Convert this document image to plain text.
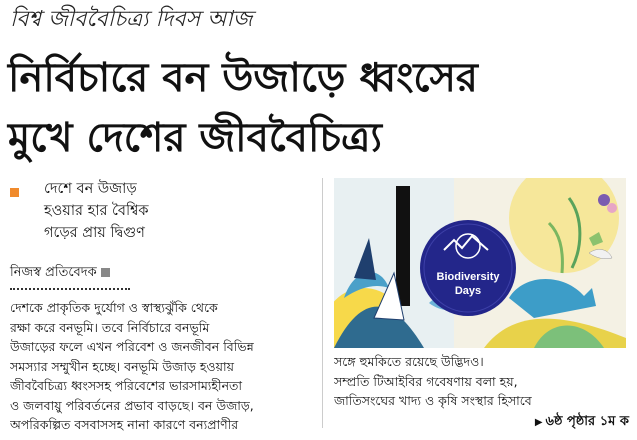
বিশ্ব জীববৈচিত্র্য দিবস আজ
নির্বিচারে বন উজাড়ে ধ্বংসের
মুখে দেশের জীববৈচিত্র্য
দেশে বন উজাড়
হওয়ার হার বৈশ্বিক
গড়ের প্রায় দ্বিগুণ
নিজস্ব প্রতিবেদক
দেশকে প্রাকৃতিক দুর্যোগ ও স্বাস্থ্যঝুঁকি থেকে
রক্ষা করে বনভূমি। তবে নির্বিচারে বনভূমি
উজাড়ের ফলে এখন পরিবেশ ও জনজীবন বিভিন্ন
সমস্যার সম্মুখীন হচ্ছে। বনভূমি উজাড় হওয়ায়
জীববৈচিত্র্য ধ্বংসসহ পরিবেশের ভারসাম্যহীনতা
ও জলবায়ু পরিবর্তনের প্রভাব বাড়ছে। বন উজাড়,
অপরিকল্পিত বসবাসসহ নানা কারণে বন্যপ্রাণীর
Biodiversity
Days
সঙ্গে হুমকিতে রয়েছে উদ্ভিদও।
সম্প্রতি টিআইবির গবেষণায় বলা হয়,
জাতিসংঘের খাদ্য ও কৃষি সংস্থার হিসাবে
▶ ৬ষ্ঠ পৃষ্ঠার ১ম ক
